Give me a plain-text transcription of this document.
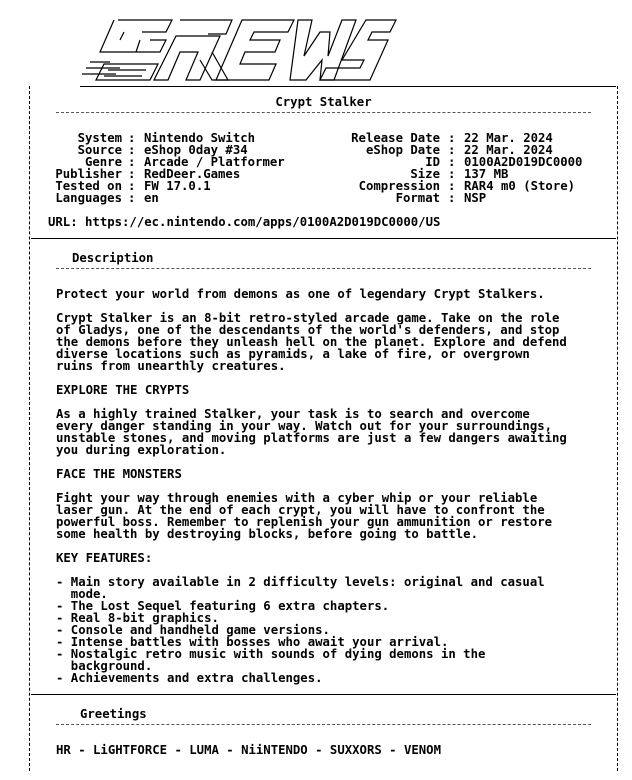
Crypt Stalker
System : Nintendo Switch
Source : eShop 0day #34
Genre : Arcade / Platformer
Publisher : RedDeer.Games
Tested on : FW 17.0.1
Languages : en
Release Date : 22 Mar. 2024
eShop Date : 22 Mar. 2024
ID : 0100A2D019DC0000
Size : 137 MB
Compression : RAR4 m0 (Store)
Format : NSP
URL: https://ec.nintendo.com/apps/0100A2D019DC0000/US
Description
Protect your world from demons as one of legendary Crypt Stalkers.
Crypt Stalker is an 8-bit retro-styled arcade game. Take on the role
of Gladys, one of the descendants of the world's defenders, and stop
the demons before they unleash hell on the planet. Explore and defend
diverse locations such as pyramids, a lake of fire, or overgrown
ruins from unearthly creatures.
EXPLORE THE CRYPTS
As a highly trained Stalker, your task is to search and overcome
every danger standing in your way. Watch out for your surroundings,
unstable stones, and moving platforms are just a few dangers awaiting
you during exploration.
FACE THE MONSTERS
Fight your way through enemies with a cyber whip or your reliable
laser gun. At the end of each crypt, you will have to confront the
powerful boss. Remember to replenish your gun ammunition or restore
some health by destroying blocks, before going to battle.
KEY FEATURES:
- Main story available in 2 difficulty levels: original and casual
mode.
- The Lost Sequel featuring 6 extra chapters.
- Real 8-bit graphics.
- Console and handheld game versions.
- Intense battles with bosses who await your arrival.
- Nostalgic retro music with sounds of dying demons in the
background.
- Achievements and extra challenges.
Greetings
HR - LiGHTFORCE - LUMA - NiiNTENDO - SUXXORS - VENOM
